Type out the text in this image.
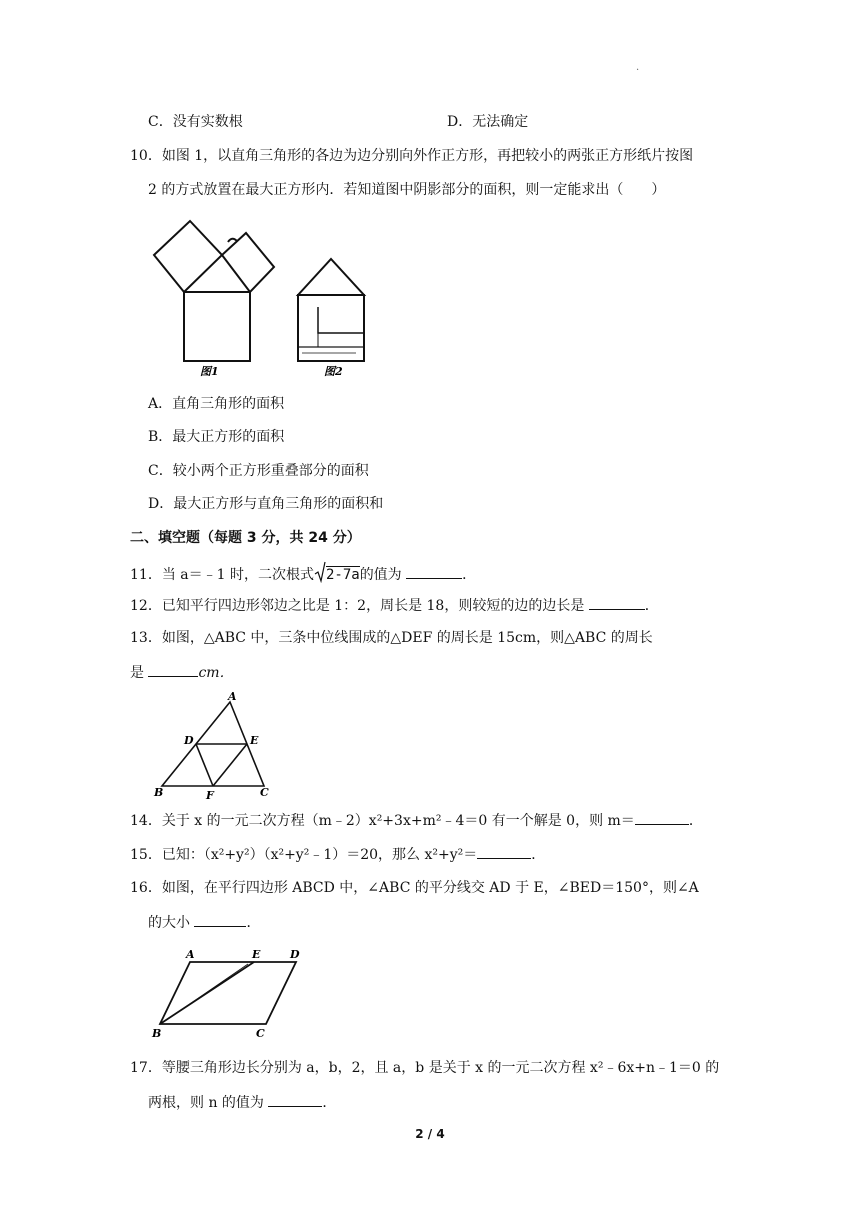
.
C．没有实数根	D．无法确定
10．如图 1，以直角三角形的各边为边分别向外作正方形，再把较小的两张正方形纸片按图
2 的方式放置在最大正方形内．若知道图中阴影部分的面积，则一定能求出（　　）
图1	图2
A．直角三角形的面积
B．最大正方形的面积
C．较小两个正方形重叠部分的面积
D．最大正方形与直角三角形的面积和
二、填空题（每题 3 分，共 24 分）
11．当 a＝﹣1 时，二次根式 2-7a的值为	．
12．已知平行四边形邻边之比是 1：2，周长是 18，则较短的边的边长是	．
13．如图，△ABC 中，三条中位线围成的△DEF 的周长是 15cm，则△ABC 的周长
是	cm．
A
B	C
D	E
F
14．关于 x 的一元二次方程（m﹣2）x²+3x+m²﹣4＝0 有一个解是 0，则 m＝	．
15．已知：（x²+y²）（x²+y²﹣1）＝20，那么 x²+y²＝	．
16．如图，在平行四边形 ABCD 中，∠ABC 的平分线交 AD 于 E，∠BED＝150°，则∠A
的大小	．
A	E	D
B	C
17．等腰三角形边长分别为 a，b，2，且 a，b 是关于 x 的一元二次方程 x²﹣6x+n﹣1＝0 的
两根，则 n 的值为	．
2 / 4
